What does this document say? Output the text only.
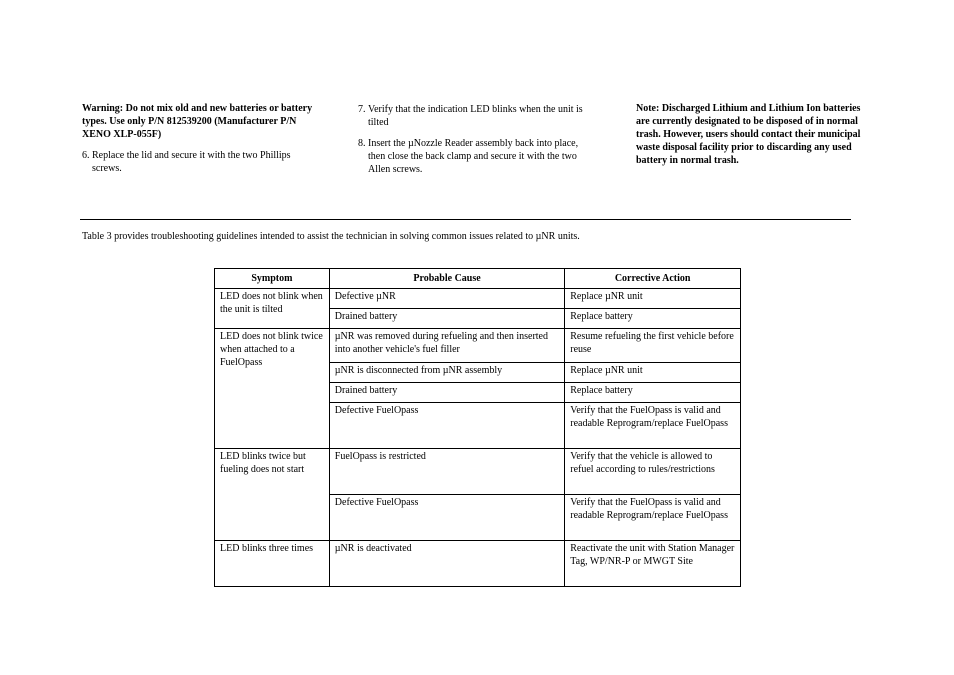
Warning: Do not mix old and new batteries or battery types. Use only P/N 812539200 (Manufacturer P/N XENO XLP-055F)
6. Replace the lid and secure it with the two Phillips screws.
7. Verify that the indication LED blinks when the unit is tilted
8. Insert the µNozzle Reader assembly back into place, then close the back clamp and secure it with the two Allen screws.
Note: Discharged Lithium and Lithium Ion batteries are currently designated to be disposed of in normal trash. However, users should contact their municipal waste disposal facility prior to discarding any used battery in normal trash.
Table 3 provides troubleshooting guidelines intended to assist the technician in solving common issues related to µNR units.
Symptom	Probable Cause	Corrective Action
LED does not blink when the unit is tilted	Defective µNR	Replace µNR unit
	Drained battery	Replace battery
LED does not blink twice when attached to a FuelOpass	µNR was removed during refueling and then inserted into another vehicle's fuel filler	Resume refueling the first vehicle before reuse
	µNR is disconnected from µNR assembly	Replace µNR unit
	Drained battery	Replace battery
	Defective FuelOpass	Verify that the FuelOpass is valid and readable Reprogram/replace FuelOpass
LED blinks twice but fueling does not start	FuelOpass is restricted	Verify that the vehicle is allowed to refuel according to rules/restrictions
	Defective FuelOpass	Verify that the FuelOpass is valid and readable Reprogram/replace FuelOpass
LED blinks three times	µNR is deactivated	Reactivate the unit with Station Manager Tag, WP/NR-P or MWGT Site
